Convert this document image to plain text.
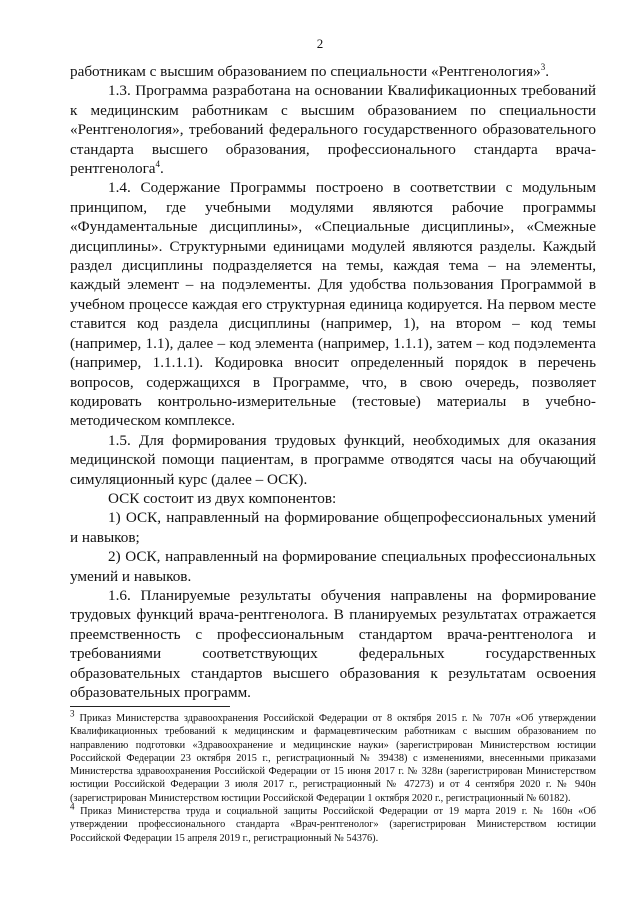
2

работникам с высшим образованием по специальности «Рентгенология»$^3$.

1.3. Программа разработана на основании Квалификационных требований к медицинским работникам с высшим образованием по специальности «Рентгенология», требований федерального государственного образовательного стандарта высшего образования, профессионального стандарта врача-рентгенолога$^4$.

1.4. Содержание Программы построено в соответствии с модульным принципом, где учебными модулями являются рабочие программы «Фундаментальные дисциплины», «Специальные дисциплины», «Смежные дисциплины». Структурными единицами модулей являются разделы. Каждый раздел дисциплины подразделяется на темы, каждая тема – на элементы, каждый элемент – на подэлементы. Для удобства пользования Программой в учебном процессе каждая его структурная единица кодируется. На первом месте ставится код раздела дисциплины (например, 1), на втором – код темы (например, 1.1), далее – код элемента (например, 1.1.1), затем – код подэлемента (например, 1.1.1.1). Кодировка вносит определенный порядок в перечень вопросов, содержащихся в Программе, что, в свою очередь, позволяет кодировать контрольно-измерительные (тестовые) материалы в учебно-методическом комплексе.

1.5. Для формирования трудовых функций, необходимых для оказания медицинской помощи пациентам, в программе отводятся часы на обучающий симуляционный курс (далее – ОСК).

ОСК состоит из двух компонентов:

1) ОСК, направленный на формирование общепрофессиональных умений и навыков;

2) ОСК, направленный на формирование специальных профессиональных умений и навыков.

1.6. Планируемые результаты обучения направлены на формирование трудовых функций врача-рентгенолога. В планируемых результатах отражается преемственность с профессиональным стандартом врача-рентгенолога и требованиями соответствующих федеральных государственных образовательных стандартов высшего образования к результатам освоения образовательных программ.

$^3$ Приказ Министерства здравоохранения Российской Федерации от 8 октября 2015 г. № 707н «Об утверждении Квалификационных требований к медицинским и фармацевтическим работникам с высшим образованием по направлению подготовки «Здравоохранение и медицинские науки» (зарегистрирован Министерством юстиции Российской Федерации 23 октября 2015 г., регистрационный № 39438) с изменениями, внесенными приказами Министерства здравоохранения Российской Федерации от 15 июня 2017 г. № 328н (зарегистрирован Министерством юстиции Российской Федерации 3 июля 2017 г., регистрационный № 47273) и от 4 сентября 2020 г. № 940н (зарегистрирован Министерством юстиции Российской Федерации 1 октября 2020 г., регистрационный № 60182).

$^4$ Приказ Министерства труда и социальной защиты Российской Федерации от 19 марта 2019 г. № 160н «Об утверждении профессионального стандарта «Врач-рентгенолог» (зарегистрирован Министерством юстиции Российской Федерации 15 апреля 2019 г., регистрационный № 54376).
